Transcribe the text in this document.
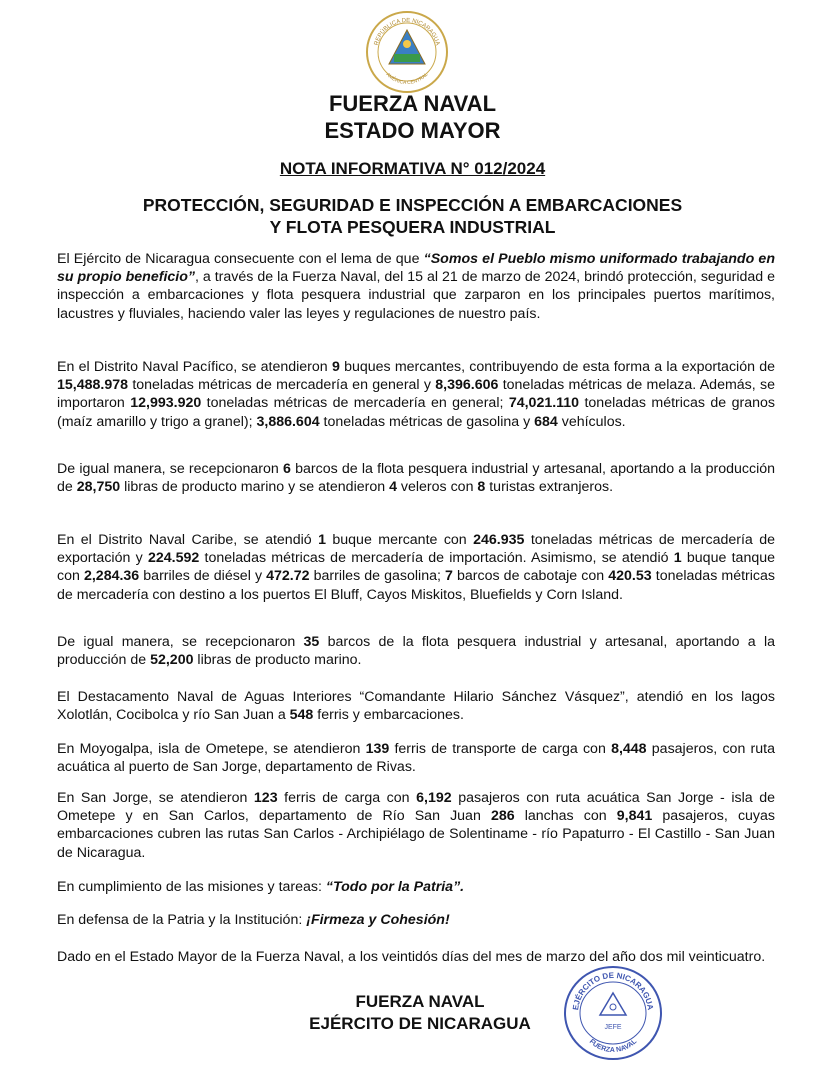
REPÚBLICA DE NICARAGUA
AMÉRICA CENTRAL
FUERZA NAVAL
ESTADO MAYOR
NOTA INFORMATIVA N° 012/2024
PROTECCIÓN, SEGURIDAD E INSPECCIÓN A EMBARCACIONES
Y FLOTA PESQUERA INDUSTRIAL

El Ejército de Nicaragua consecuente con el lema de que “Somos el Pueblo mismo uniformado trabajando en su propio beneficio”, a través de la Fuerza Naval, del 15 al 21 de marzo de 2024, brindó protección, seguridad e inspección a embarcaciones y flota pesquera industrial que zarparon en los principales puertos marítimos, lacustres y fluviales, haciendo valer las leyes y regulaciones de nuestro país.

En el Distrito Naval Pacífico, se atendieron 9 buques mercantes, contribuyendo de esta forma a la exportación de 15,488.978 toneladas métricas de mercadería en general y 8,396.606 toneladas métricas de melaza. Además, se importaron 12,993.920 toneladas métricas de mercadería en general; 74,021.110 toneladas métricas de granos (maíz amarillo y trigo a granel); 3,886.604 toneladas métricas de gasolina y 684 vehículos.

De igual manera, se recepcionaron 6 barcos de la flota pesquera industrial y artesanal, aportando a la producción de 28,750 libras de producto marino y se atendieron 4 veleros con 8 turistas extranjeros.

En el Distrito Naval Caribe, se atendió 1 buque mercante con 246.935 toneladas métricas de mercadería de exportación y 224.592 toneladas métricas de mercadería de importación. Asimismo, se atendió 1 buque tanque con 2,284.36 barriles de diésel y 472.72 barriles de gasolina; 7 barcos de cabotaje con 420.53 toneladas métricas de mercadería con destino a los puertos El Bluff, Cayos Miskitos, Bluefields y Corn Island.

De igual manera, se recepcionaron 35 barcos de la flota pesquera industrial y artesanal, aportando a la producción de 52,200 libras de producto marino.

El Destacamento Naval de Aguas Interiores “Comandante Hilario Sánchez Vásquez”, atendió en los lagos Xolotlán, Cocibolca y río San Juan a 548 ferris y embarcaciones.

En Moyogalpa, isla de Ometepe, se atendieron 139 ferris de transporte de carga con 8,448 pasajeros, con ruta acuática al puerto de San Jorge, departamento de Rivas.

En San Jorge, se atendieron 123 ferris de carga con 6,192 pasajeros con ruta acuática San Jorge - isla de Ometepe y en San Carlos, departamento de Río San Juan 286 lanchas con 9,841 pasajeros, cuyas embarcaciones cubren las rutas San Carlos - Archipiélago de Solentiname - río Papaturro - El Castillo - San Juan de Nicaragua.

En cumplimiento de las misiones y tareas: “Todo por la Patria”.

En defensa de la Patria y la Institución: ¡Firmeza y Cohesión!

Dado en el Estado Mayor de la Fuerza Naval, a los veintidós días del mes de marzo del año dos mil veinticuatro.

FUERZA NAVAL
EJÉRCITO DE NICARAGUA
EJÉRCITO DE NICARAGUA
FUERZA NAVAL
JEFE
